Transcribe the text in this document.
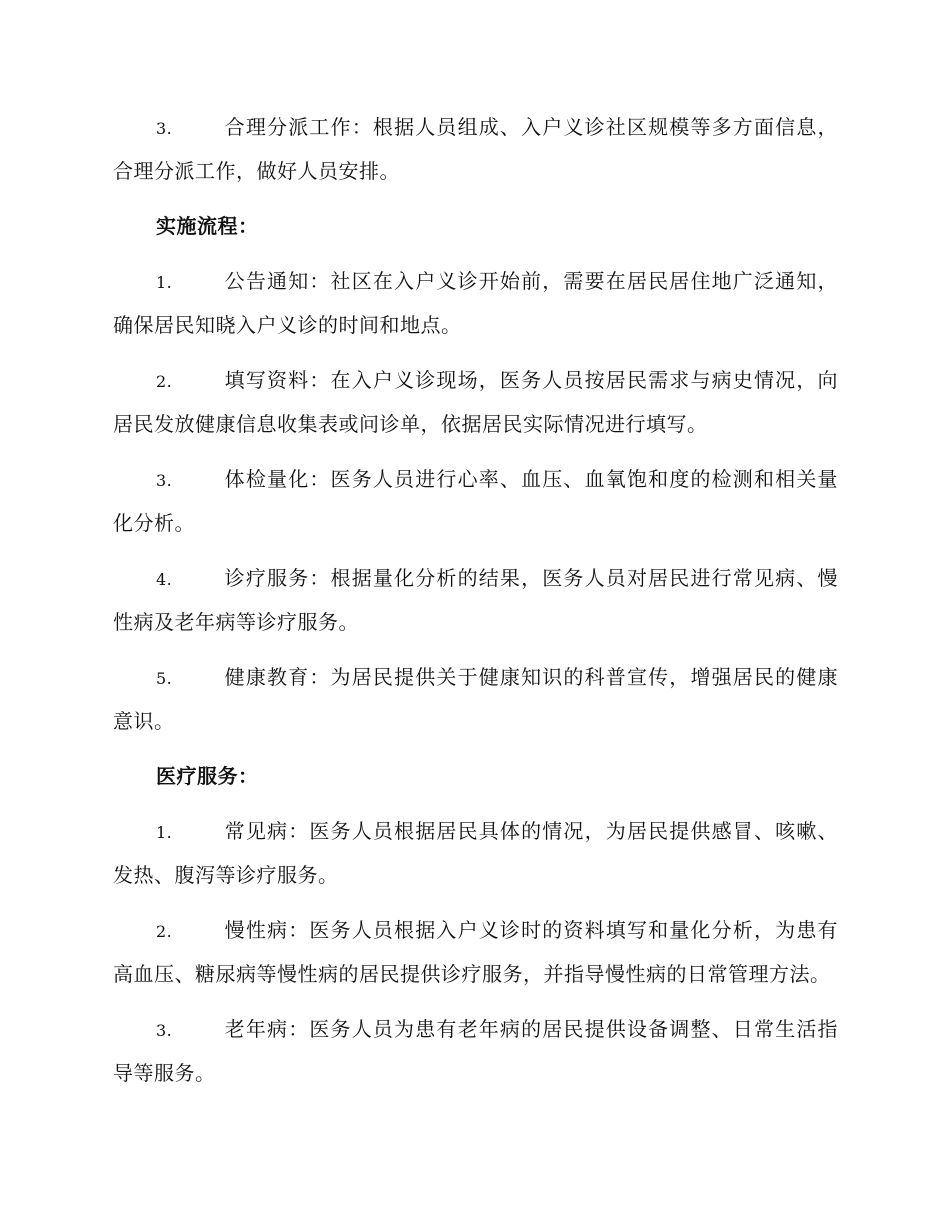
3.	合理分派工作：根据人员组成、入户义诊社区规模等多方面信息，合理分派工作，做好人员安排。

实施流程：

1.	公告通知：社区在入户义诊开始前，需要在居民居住地广泛通知，确保居民知晓入户义诊的时间和地点。

2.	填写资料：在入户义诊现场，医务人员按居民需求与病史情况，向居民发放健康信息收集表或问诊单，依据居民实际情况进行填写。

3.	体检量化：医务人员进行心率、血压、血氧饱和度的检测和相关量化分析。

4.	诊疗服务：根据量化分析的结果，医务人员对居民进行常见病、慢性病及老年病等诊疗服务。

5.	健康教育：为居民提供关于健康知识的科普宣传，增强居民的健康意识。

医疗服务：

1.	常见病：医务人员根据居民具体的情况，为居民提供感冒、咳嗽、发热、腹泻等诊疗服务。

2.	慢性病：医务人员根据入户义诊时的资料填写和量化分析，为患有高血压、糖尿病等慢性病的居民提供诊疗服务，并指导慢性病的日常管理方法。

3.	老年病：医务人员为患有老年病的居民提供设备调整、日常生活指导等服务。
